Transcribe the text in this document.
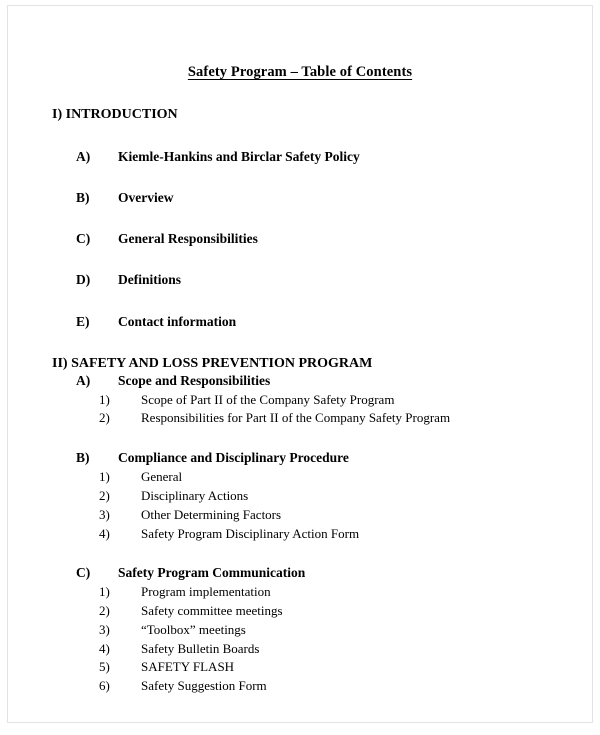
Safety Program – Table of Contents
I) INTRODUCTION
A) Kiemle-Hankins and Birclar Safety Policy
B) Overview
C) General Responsibilities
D) Definitions
E) Contact information
II) SAFETY AND LOSS PREVENTION PROGRAM
A) Scope and Responsibilities
1) Scope of Part II of the Company Safety Program
2) Responsibilities for Part II of the Company Safety Program
B) Compliance and Disciplinary Procedure
1) General
2) Disciplinary Actions
3) Other Determining Factors
4) Safety Program Disciplinary Action Form
C) Safety Program Communication
1) Program implementation
2) Safety committee meetings
3) “Toolbox” meetings
4) Safety Bulletin Boards
5) SAFETY FLASH
6) Safety Suggestion Form
